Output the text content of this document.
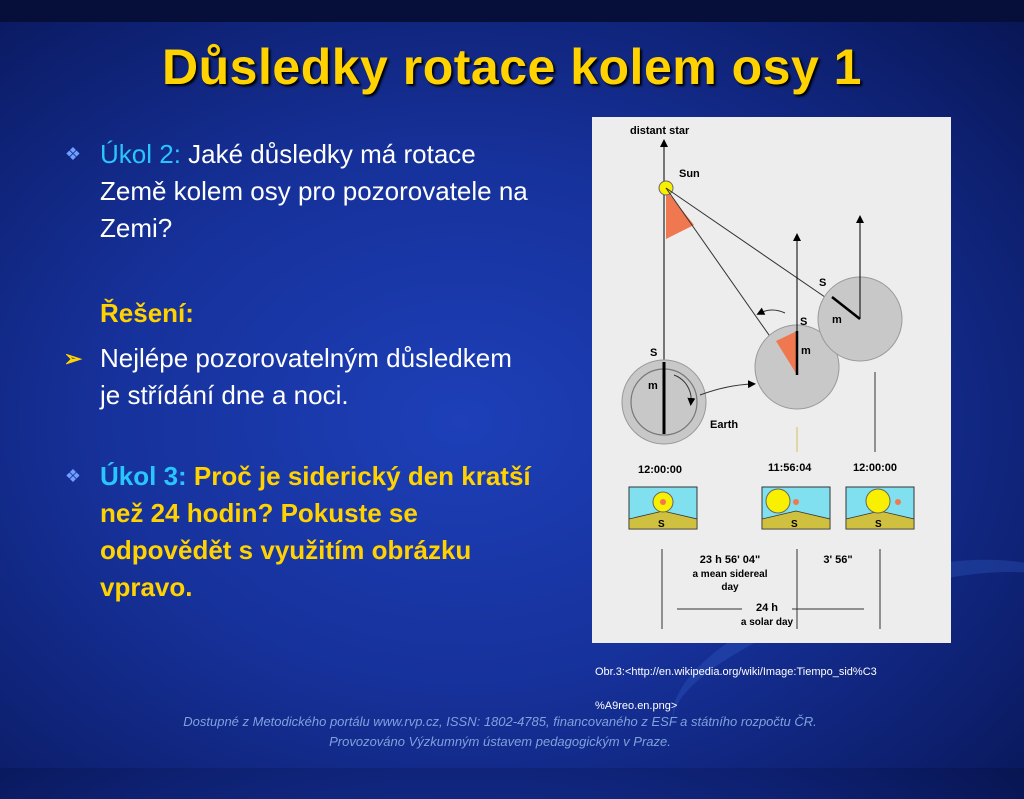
Důsledky rotace kolem osy 1
❖ Úkol 2: Jaké důsledky má rotace Země kolem osy pro pozorovatele na Zemi?
Řešení:
➢ Nejlépe pozorovatelným důsledkem je střídání dne a noci.
❖ Úkol 3: Proč je siderický den kratší než 24 hodin? Pokuste se odpovědět s využitím obrázku vpravo.
distant star
Sun
S
m
Earth
S
m
S
m
12:00:00	11:56:04	12:00:00
S	S	S
23 h 56' 04"
a mean sidereal
day
3' 56"
24 h
a solar day
Obr.3:<http://en.wikipedia.org/wiki/Image:Tiempo_sid%C3
%A9reo.en.png>
Dostupné z Metodického portálu www.rvp.cz, ISSN: 1802-4785, financovaného z ESF a státního rozpočtu ČR.
Provozováno Výzkumným ústavem pedagogickým v Praze.
